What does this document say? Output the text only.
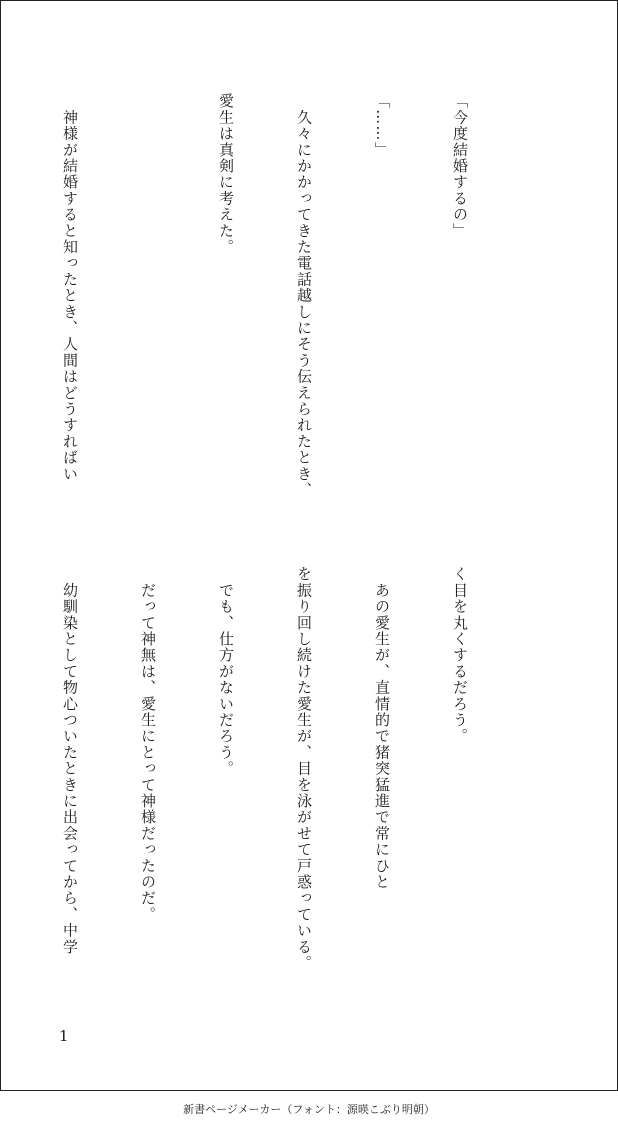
「今度結婚するの」

「……」

　久々にかかってきた電話越しにそう伝えられたとき、

愛生は真剣に考えた。

　神様が結婚すると知ったとき、人間はどうすればい

く目を丸くするだろう。

　あの愛生が、直情的で猪突猛進で常にひと

を振り回し続けた愛生が、目を泳がせて戸惑っている。

　でも、仕方がないだろう。

　だって神無は、愛生にとって神様だったのだ。

　幼馴染として物心ついたときに出会ってから、中学

1
新書ページメーカー（フォント：源暎こぶり明朝）
